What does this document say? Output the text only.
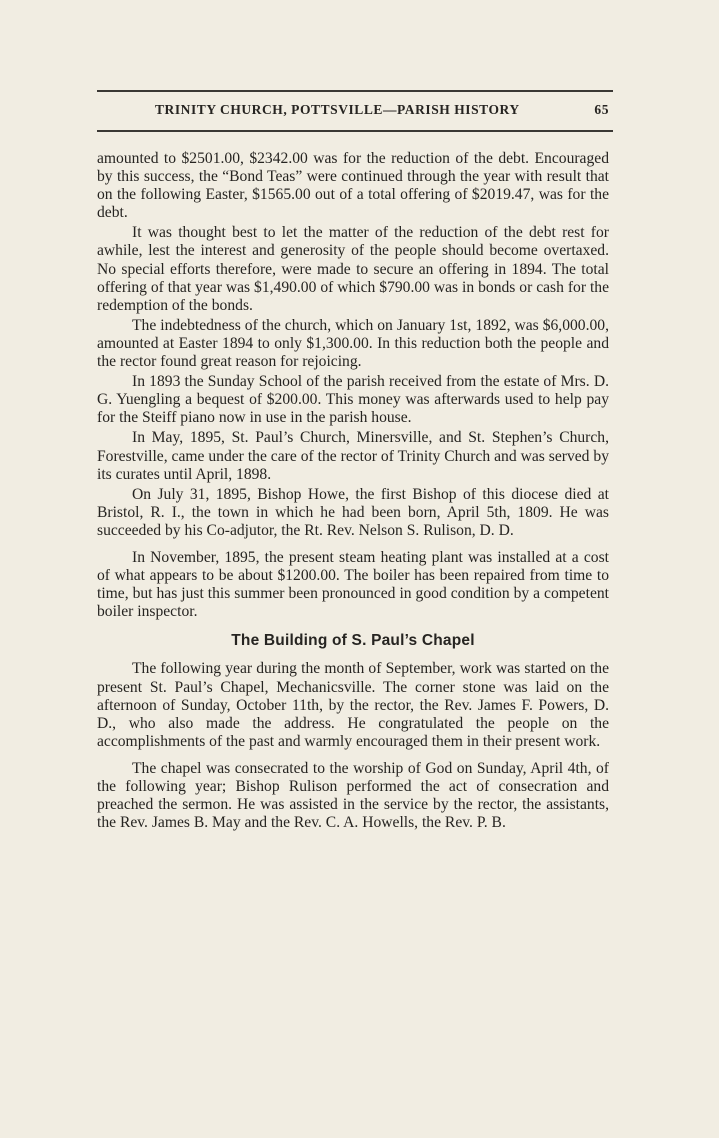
TRINITY CHURCH, POTTSVILLE—PARISH HISTORY	65

amounted to $2501.00, $2342.00 was for the reduction of the debt. Encouraged by this success, the “Bond Teas” were continued through the year with result that on the following Easter, $1565.00 out of a total offering of $2019.47, was for the debt.

It was thought best to let the matter of the reduction of the debt rest for awhile, lest the interest and generosity of the people should become overtaxed. No special efforts therefore, were made to secure an offering in 1894. The total offering of that year was $1,490.00 of which $790.00 was in bonds or cash for the redemption of the bonds.

The indebtedness of the church, which on January 1st, 1892, was $6,000.00, amounted at Easter 1894 to only $1,300.00. In this reduction both the people and the rector found great reason for rejoicing.

In 1893 the Sunday School of the parish received from the estate of Mrs. D. G. Yuengling a bequest of $200.00. This money was afterwards used to help pay for the Steiff piano now in use in the parish house.

In May, 1895, St. Paul’s Church, Minersville, and St. Stephen’s Church, Forestville, came under the care of the rector of Trinity Church and was served by its curates until April, 1898.

On July 31, 1895, Bishop Howe, the first Bishop of this diocese died at Bristol, R. I., the town in which he had been born, April 5th, 1809. He was succeeded by his Co-adjutor, the Rt. Rev. Nelson S. Rulison, D. D.

In November, 1895, the present steam heating plant was installed at a cost of what appears to be about $1200.00. The boiler has been repaired from time to time, but has just this summer been pronounced in good condition by a competent boiler inspector.

The Building of S. Paul’s Chapel

The following year during the month of September, work was started on the present St. Paul’s Chapel, Mechanicsville. The corner stone was laid on the afternoon of Sunday, October 11th, by the rector, the Rev. James F. Powers, D. D., who also made the address. He congratulated the people on the accomplishments of the past and warmly encouraged them in their present work.

The chapel was consecrated to the worship of God on Sunday, April 4th, of the following year; Bishop Rulison performed the act of consecration and preached the sermon. He was assisted in the service by the rector, the assistants, the Rev. James B. May and the Rev. C. A. Howells, the Rev. P. B.
